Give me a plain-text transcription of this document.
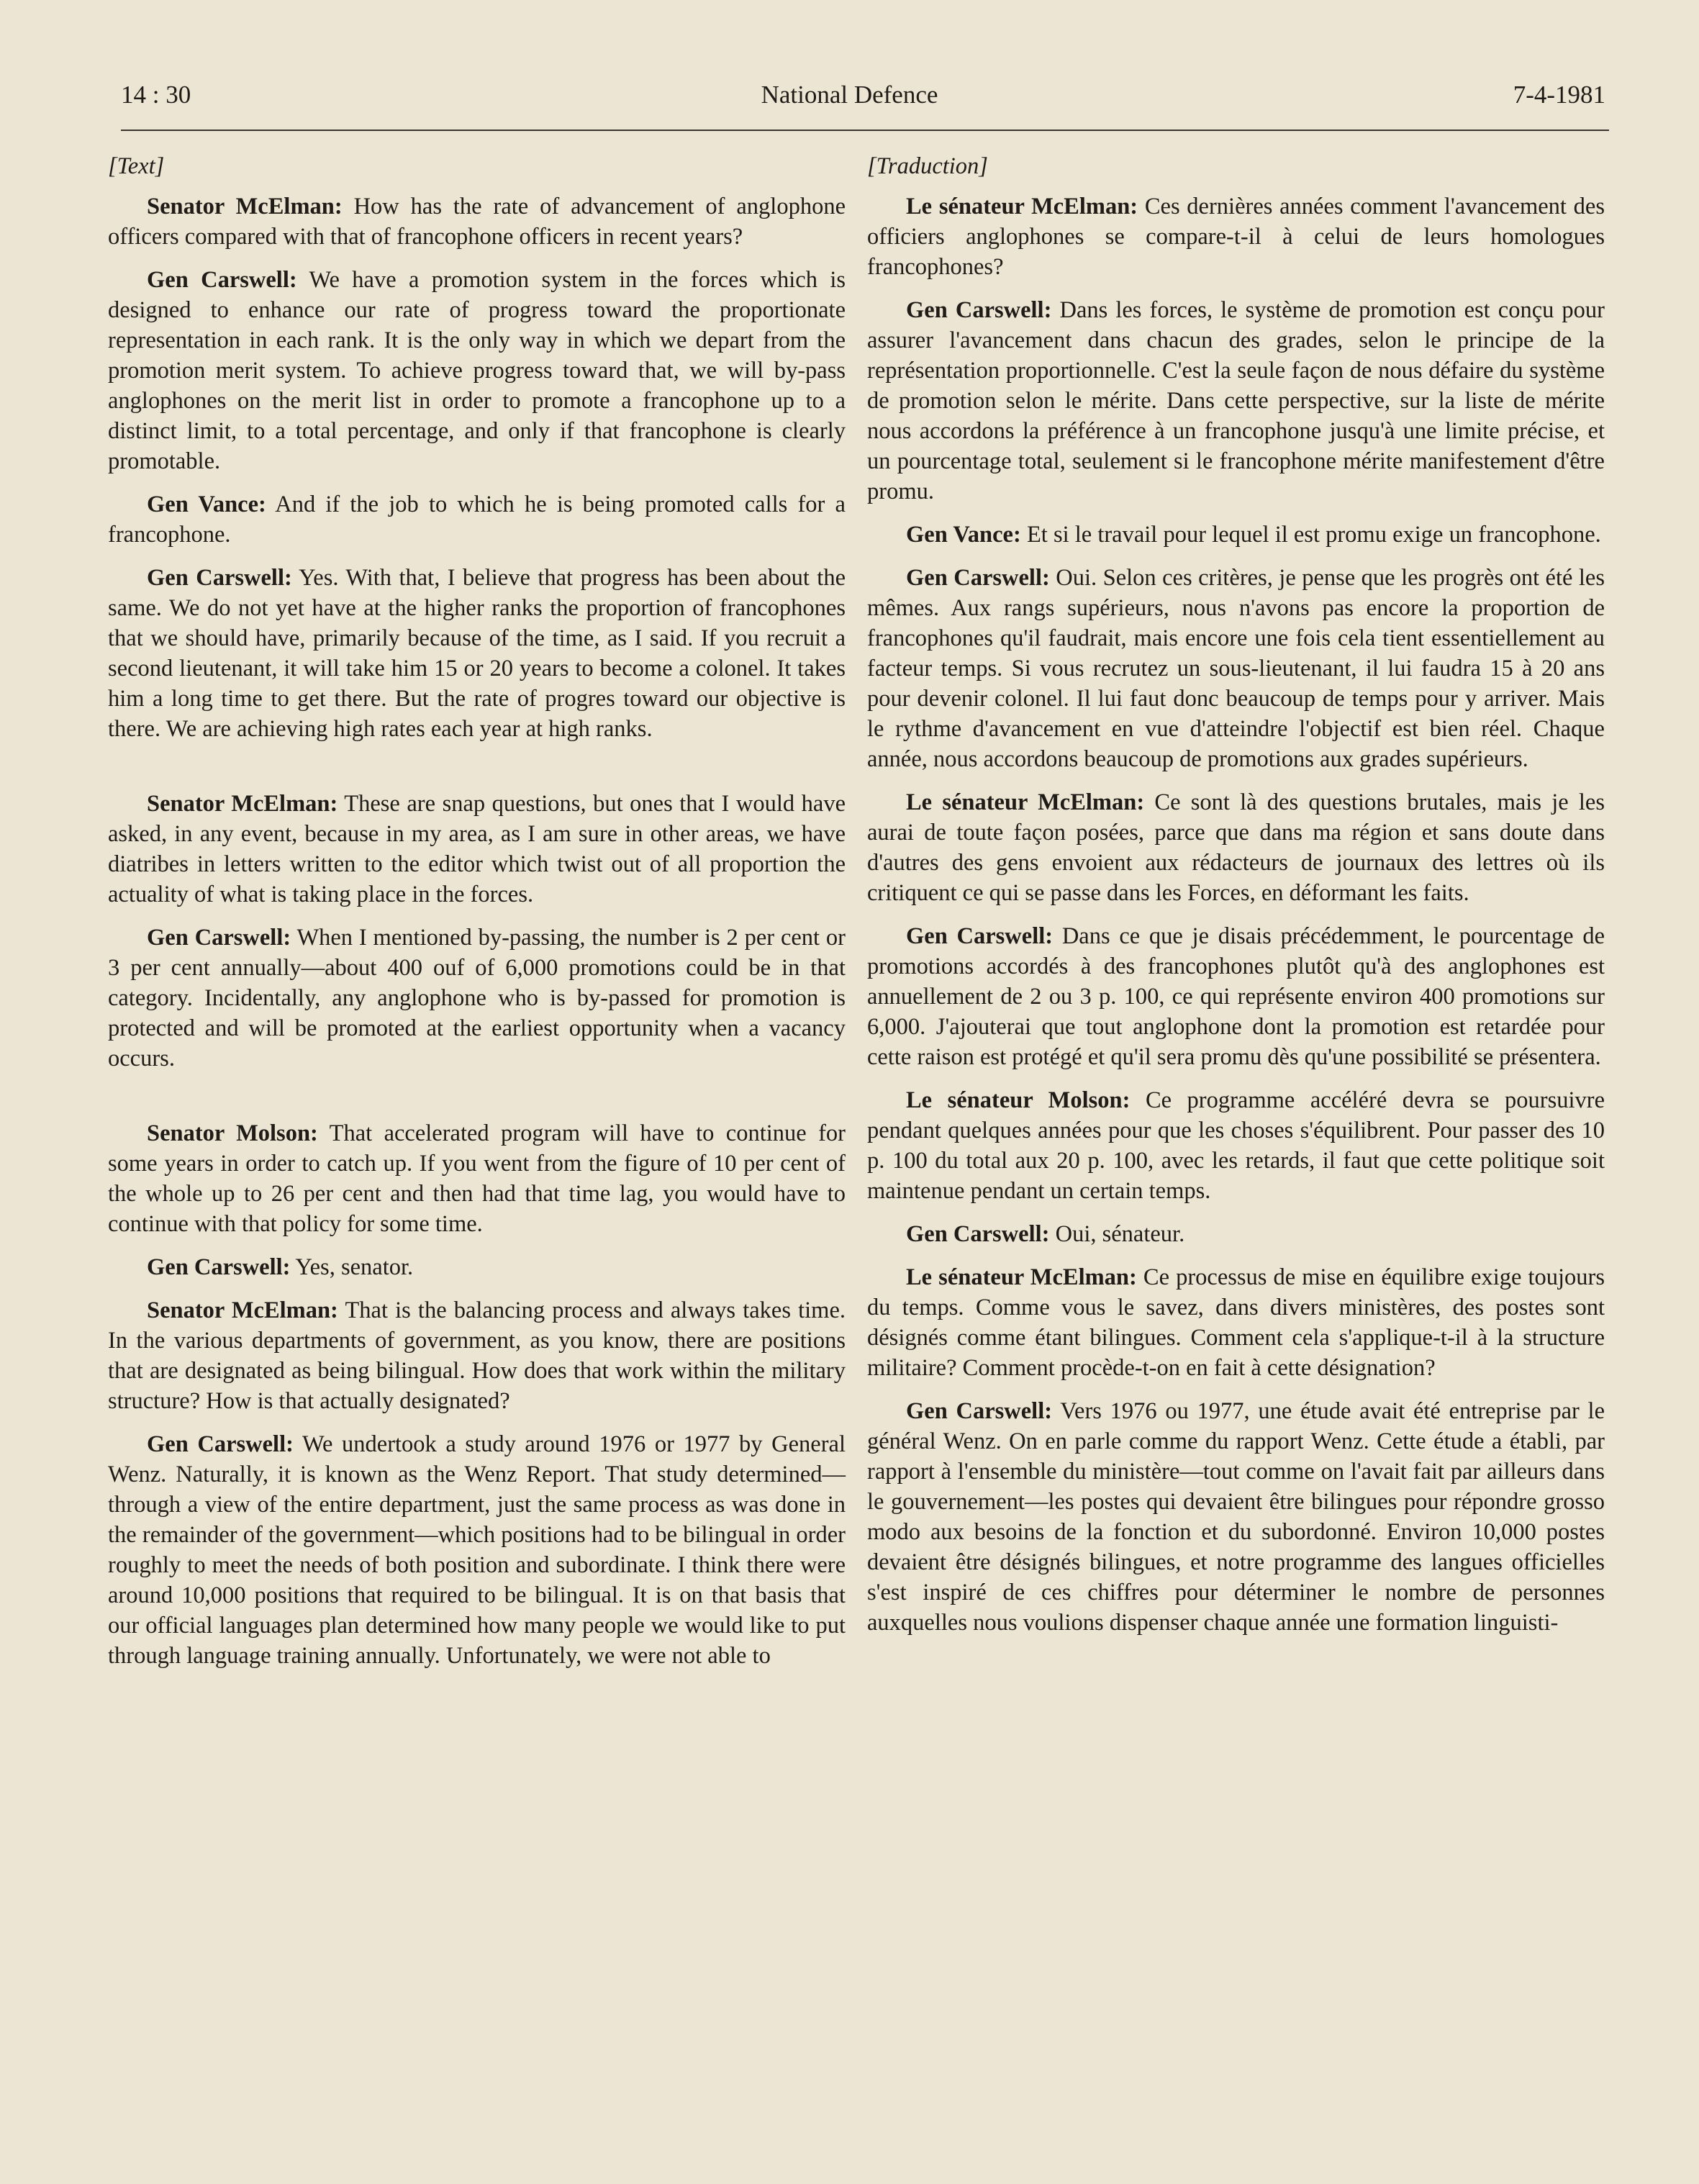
14 : 30	National Defence	7-4-1981
[Text]

Senator McElman: How has the rate of advancement of anglophone officers compared with that of francophone officers in recent years?

Gen Carswell: We have a promotion system in the forces which is designed to enhance our rate of progress toward the proportionate representation in each rank. It is the only way in which we depart from the promotion merit system. To achieve progress toward that, we will by-pass anglophones on the merit list in order to promote a francophone up to a distinct limit, to a total percentage, and only if that francophone is clearly promotable.

Gen Vance: And if the job to which he is being promoted calls for a francophone.

Gen Carswell: Yes. With that, I believe that progress has been about the same. We do not yet have at the higher ranks the proportion of francophones that we should have, primarily because of the time, as I said. If you recruit a second lieutenant, it will take him 15 or 20 years to become a colonel. It takes him a long time to get there. But the rate of progres toward our objective is there. We are achieving high rates each year at high ranks.

Senator McElman: These are snap questions, but ones that I would have asked, in any event, because in my area, as I am sure in other areas, we have diatribes in letters written to the editor which twist out of all proportion the actuality of what is taking place in the forces.

Gen Carswell: When I mentioned by-passing, the number is 2 per cent or 3 per cent annually—about 400 ouf of 6,000 promotions could be in that category. Incidentally, any anglophone who is by-passed for promotion is protected and will be promoted at the earliest opportunity when a vacancy occurs.

Senator Molson: That accelerated program will have to continue for some years in order to catch up. If you went from the figure of 10 per cent of the whole up to 26 per cent and then had that time lag, you would have to continue with that policy for some time.

Gen Carswell: Yes, senator.

Senator McElman: That is the balancing process and always takes time. In the various departments of government, as you know, there are positions that are designated as being bilingual. How does that work within the military structure? How is that actually designated?

Gen Carswell: We undertook a study around 1976 or 1977 by General Wenz. Naturally, it is known as the Wenz Report. That study determined—through a view of the entire department, just the same process as was done in the remainder of the government—which positions had to be bilingual in order roughly to meet the needs of both position and subordinate. I think there were around 10,000 positions that required to be bilingual. It is on that basis that our official languages plan determined how many people we would like to put through language training annually. Unfortunately, we were not able to

[Traduction]

Le sénateur McElman: Ces dernières années comment l'avancement des officiers anglophones se compare-t-il à celui de leurs homologues francophones?

Gen Carswell: Dans les forces, le système de promotion est conçu pour assurer l'avancement dans chacun des grades, selon le principe de la représentation proportionnelle. C'est la seule façon de nous défaire du système de promotion selon le mérite. Dans cette perspective, sur la liste de mérite nous accordons la préférence à un francophone jusqu'à une limite précise, et un pourcentage total, seulement si le francophone mérite manifestement d'être promu.

Gen Vance: Et si le travail pour lequel il est promu exige un francophone.

Gen Carswell: Oui. Selon ces critères, je pense que les progrès ont été les mêmes. Aux rangs supérieurs, nous n'avons pas encore la proportion de francophones qu'il faudrait, mais encore une fois cela tient essentiellement au facteur temps. Si vous recrutez un sous-lieutenant, il lui faudra 15 à 20 ans pour devenir colonel. Il lui faut donc beaucoup de temps pour y arriver. Mais le rythme d'avancement en vue d'atteindre l'objectif est bien réel. Chaque année, nous accordons beaucoup de promotions aux grades supérieurs.

Le sénateur McElman: Ce sont là des questions brutales, mais je les aurai de toute façon posées, parce que dans ma région et sans doute dans d'autres des gens envoient aux rédacteurs de journaux des lettres où ils critiquent ce qui se passe dans les Forces, en déformant les faits.

Gen Carswell: Dans ce que je disais précédemment, le pourcentage de promotions accordés à des francophones plutôt qu'à des anglophones est annuellement de 2 ou 3 p. 100, ce qui représente environ 400 promotions sur 6,000. J'ajouterai que tout anglophone dont la promotion est retardée pour cette raison est protégé et qu'il sera promu dès qu'une possibilité se présentera.

Le sénateur Molson: Ce programme accéléré devra se poursuivre pendant quelques années pour que les choses s'équilibrent. Pour passer des 10 p. 100 du total aux 20 p. 100, avec les retards, il faut que cette politique soit maintenue pendant un certain temps.

Gen Carswell: Oui, sénateur.

Le sénateur McElman: Ce processus de mise en équilibre exige toujours du temps. Comme vous le savez, dans divers ministères, des postes sont désignés comme étant bilingues. Comment cela s'applique-t-il à la structure militaire? Comment procède-t-on en fait à cette désignation?

Gen Carswell: Vers 1976 ou 1977, une étude avait été entreprise par le général Wenz. On en parle comme du rapport Wenz. Cette étude a établi, par rapport à l'ensemble du ministère—tout comme on l'avait fait par ailleurs dans le gouvernement—les postes qui devaient être bilingues pour répondre grosso modo aux besoins de la fonction et du subordonné. Environ 10,000 postes devaient être désignés bilingues, et notre programme des langues officielles s'est inspiré de ces chiffres pour déterminer le nombre de personnes auxquelles nous voulions dispenser chaque année une formation linguisti-
